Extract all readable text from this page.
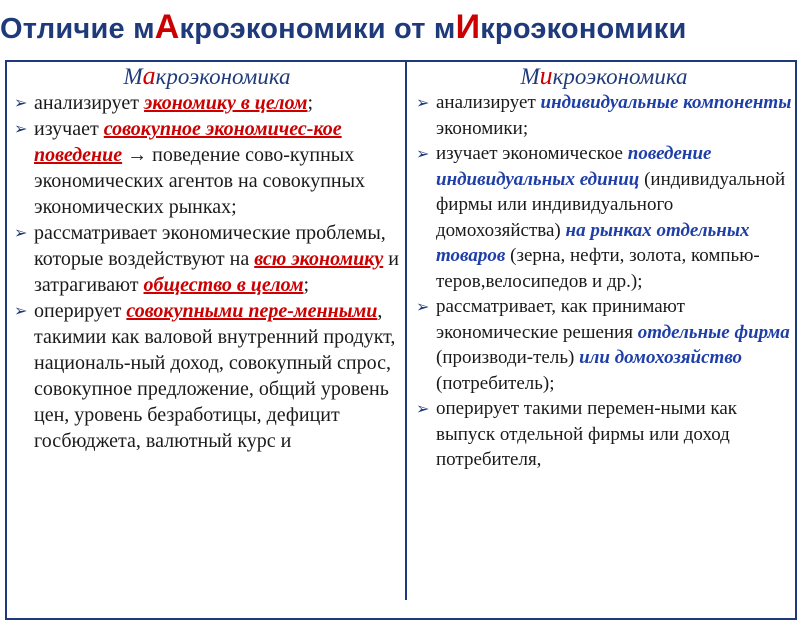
Отличие мАкроэкономики от мИкроэкономики
Макроэкономика
➢ анализирует экономику в целом;
➢ изучает совокупное экономичес-кое поведение → поведение сово-купных экономических агентов на совокупных экономических рынках;
➢ рассматривает экономические проблемы, которые воздействуют на всю экономику и затрагивают общество в целом;
➢ оперирует совокупными пере-менными, такимии как валовой внутренний продукт, националь-ный доход, совокупный спрос, совокупное предложение, общий уровень цен, уровень безработицы, дефицит госбюджета, валютный курс и
Микроэкономика
➢ анализирует индивидуальные компоненты экономики;
➢ изучает экономическое поведение индивидуальных единиц (индивидуальной фирмы или индивидуального домохозяйства) на рынках отдельных товаров (зерна, нефти, золота, компью-теров,велосипедов и др.);
➢ рассматривает, как принимают экономические решения отдельные фирма (производи-тель) или домохозяйство (потребитель);
➢ оперирует такими перемен-ными как выпуск отдельной фирмы или доход потребителя,
